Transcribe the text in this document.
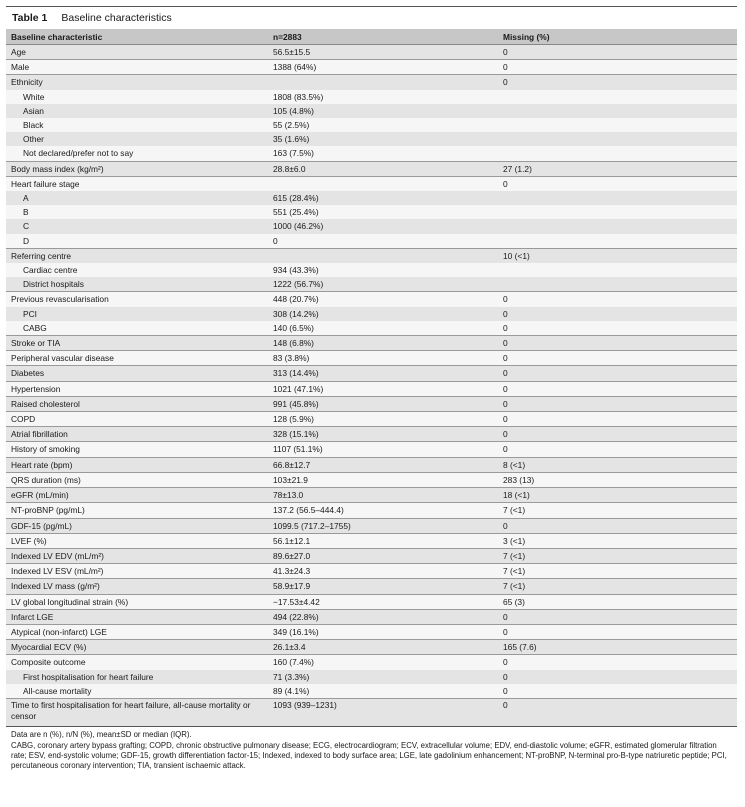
Table 1 Baseline characteristics
Baseline characteristic	n=2883	Missing (%)
Age	56.5±15.5	0
Male	1388 (64%)	0
Ethnicity		0
White	1808 (83.5%)	
Asian	105 (4.8%)	
Black	55 (2.5%)	
Other	35 (1.6%)	
Not declared/prefer not to say	163 (7.5%)	
Body mass index (kg/m²)	28.8±6.0	27 (1.2)
Heart failure stage		0
A	615 (28.4%)	
B	551 (25.4%)	
C	1000 (46.2%)	
D	0	
Referring centre		10 (<1)
Cardiac centre	934 (43.3%)	
District hospitals	1222 (56.7%)	
Previous revascularisation	448 (20.7%)	0
PCI	308 (14.2%)	0
CABG	140 (6.5%)	0
Stroke or TIA	148 (6.8%)	0
Peripheral vascular disease	83 (3.8%)	0
Diabetes	313 (14.4%)	0
Hypertension	1021 (47.1%)	0
Raised cholesterol	991 (45.8%)	0
COPD	128 (5.9%)	0
Atrial fibrillation	328 (15.1%)	0
History of smoking	1107 (51.1%)	0
Heart rate (bpm)	66.8±12.7	8 (<1)
QRS duration (ms)	103±21.9	283 (13)
eGFR (mL/min)	78±13.0	18 (<1)
NT-proBNP (pg/mL)	137.2 (56.5–444.4)	7 (<1)
GDF-15 (pg/mL)	1099.5 (717.2–1755)	0
LVEF (%)	56.1±12.1	3 (<1)
Indexed LV EDV (mL/m²)	89.6±27.0	7 (<1)
Indexed LV ESV (mL/m²)	41.3±24.3	7 (<1)
Indexed LV mass (g/m²)	58.9±17.9	7 (<1)
LV global longitudinal strain (%)	−17.53±4.42	65 (3)
Infarct LGE	494 (22.8%)	0
Atypical (non-infarct) LGE	349 (16.1%)	0
Myocardial ECV (%)	26.1±3.4	165 (7.6)
Composite outcome	160 (7.4%)	0
First hospitalisation for heart failure	71 (3.3%)	0
All-cause mortality	89 (4.1%)	0
Time to first hospitalisation for heart failure, all-cause mortality or censor	1093 (939–1231)	0

Data are n (%), n/N (%), mean±SD or median (IQR).

CABG, coronary artery bypass grafting; COPD, chronic obstructive pulmonary disease; ECG, electrocardiogram; ECV, extracellular volume; EDV, end-diastolic volume; eGFR, estimated glomerular filtration rate; ESV, end-systolic volume; GDF-15, growth differentiation factor-15; Indexed, indexed to body surface area; LGE, late gadolinium enhancement; NT-proBNP, N-terminal pro-B-type natriuretic peptide; PCI, percutaneous coronary intervention; TIA, transient ischaemic attack.
